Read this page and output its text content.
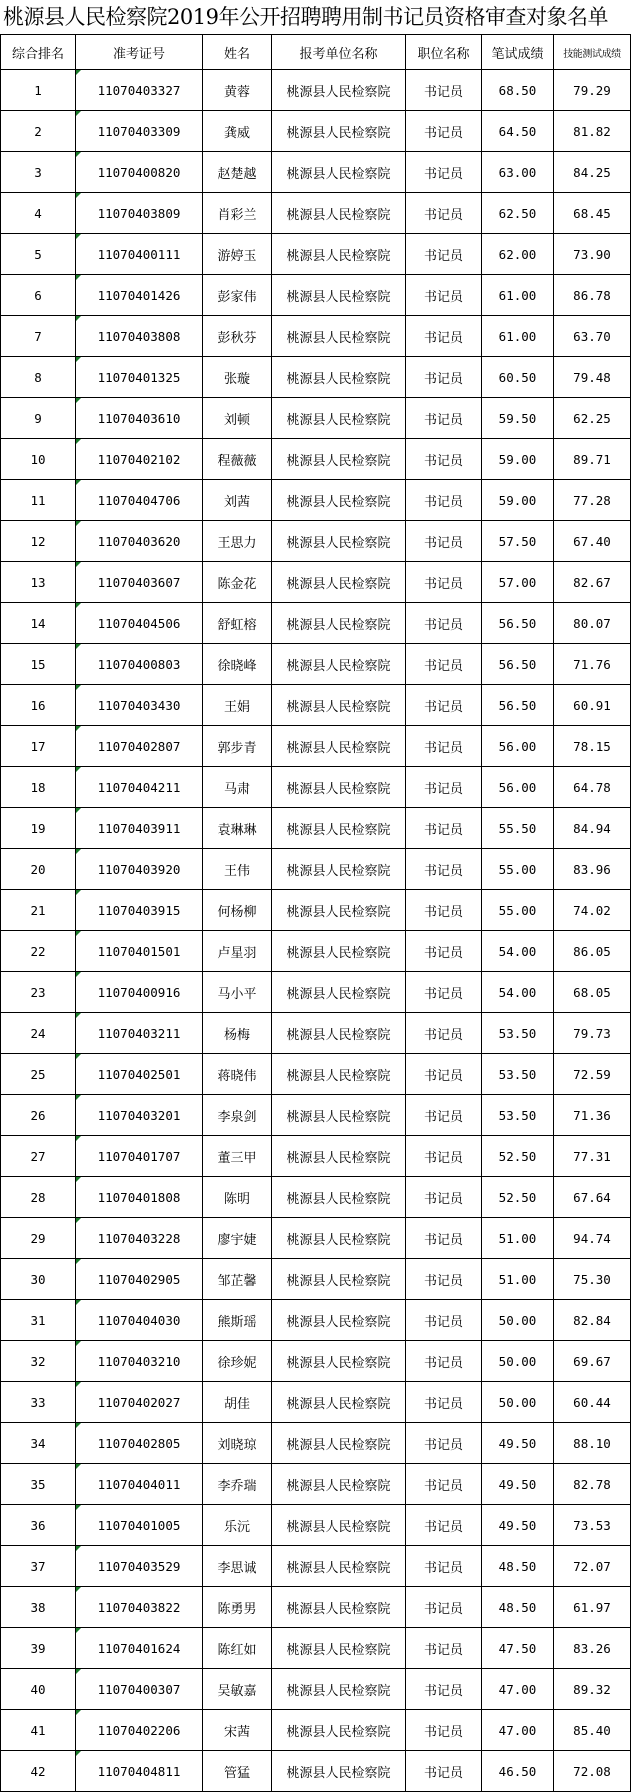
桃源县人民检察院2019年公开招聘聘用制书记员资格审查对象名单
综合排名	准考证号	姓名	报考单位名称	职位名称	笔试成绩	技能测试成绩
1	11070403327	黄蓉	桃源县人民检察院	书记员	68.50	79.29
2	11070403309	龚威	桃源县人民检察院	书记员	64.50	81.82
3	11070400820	赵楚越	桃源县人民检察院	书记员	63.00	84.25
4	11070403809	肖彩兰	桃源县人民检察院	书记员	62.50	68.45
5	11070400111	游婷玉	桃源县人民检察院	书记员	62.00	73.90
6	11070401426	彭家伟	桃源县人民检察院	书记员	61.00	86.78
7	11070403808	彭秋芬	桃源县人民检察院	书记员	61.00	63.70
8	11070401325	张璇	桃源县人民检察院	书记员	60.50	79.48
9	11070403610	刘顿	桃源县人民检察院	书记员	59.50	62.25
10	11070402102	程薇薇	桃源县人民检察院	书记员	59.00	89.71
11	11070404706	刘茜	桃源县人民检察院	书记员	59.00	77.28
12	11070403620	王思力	桃源县人民检察院	书记员	57.50	67.40
13	11070403607	陈金花	桃源县人民检察院	书记员	57.00	82.67
14	11070404506	舒虹榕	桃源县人民检察院	书记员	56.50	80.07
15	11070400803	徐晓峰	桃源县人民检察院	书记员	56.50	71.76
16	11070403430	王娟	桃源县人民检察院	书记员	56.50	60.91
17	11070402807	郭步青	桃源县人民检察院	书记员	56.00	78.15
18	11070404211	马肃	桃源县人民检察院	书记员	56.00	64.78
19	11070403911	袁琳琳	桃源县人民检察院	书记员	55.50	84.94
20	11070403920	王伟	桃源县人民检察院	书记员	55.00	83.96
21	11070403915	何杨柳	桃源县人民检察院	书记员	55.00	74.02
22	11070401501	卢星羽	桃源县人民检察院	书记员	54.00	86.05
23	11070400916	马小平	桃源县人民检察院	书记员	54.00	68.05
24	11070403211	杨梅	桃源县人民检察院	书记员	53.50	79.73
25	11070402501	蒋晓伟	桃源县人民检察院	书记员	53.50	72.59
26	11070403201	李泉剑	桃源县人民检察院	书记员	53.50	71.36
27	11070401707	董三甲	桃源县人民检察院	书记员	52.50	77.31
28	11070401808	陈明	桃源县人民检察院	书记员	52.50	67.64
29	11070403228	廖宇婕	桃源县人民检察院	书记员	51.00	94.74
30	11070402905	邹芷馨	桃源县人民检察院	书记员	51.00	75.30
31	11070404030	熊斯瑶	桃源县人民检察院	书记员	50.00	82.84
32	11070403210	徐珍妮	桃源县人民检察院	书记员	50.00	69.67
33	11070402027	胡佳	桃源县人民检察院	书记员	50.00	60.44
34	11070402805	刘晓琼	桃源县人民检察院	书记员	49.50	88.10
35	11070404011	李乔瑞	桃源县人民检察院	书记员	49.50	82.78
36	11070401005	乐沅	桃源县人民检察院	书记员	49.50	73.53
37	11070403529	李思诚	桃源县人民检察院	书记员	48.50	72.07
38	11070403822	陈勇男	桃源县人民检察院	书记员	48.50	61.97
39	11070401624	陈红如	桃源县人民检察院	书记员	47.50	83.26
40	11070400307	吴敏嘉	桃源县人民检察院	书记员	47.00	89.32
41	11070402206	宋茜	桃源县人民检察院	书记员	47.00	85.40
42	11070404811	管猛	桃源县人民检察院	书记员	46.50	72.08
